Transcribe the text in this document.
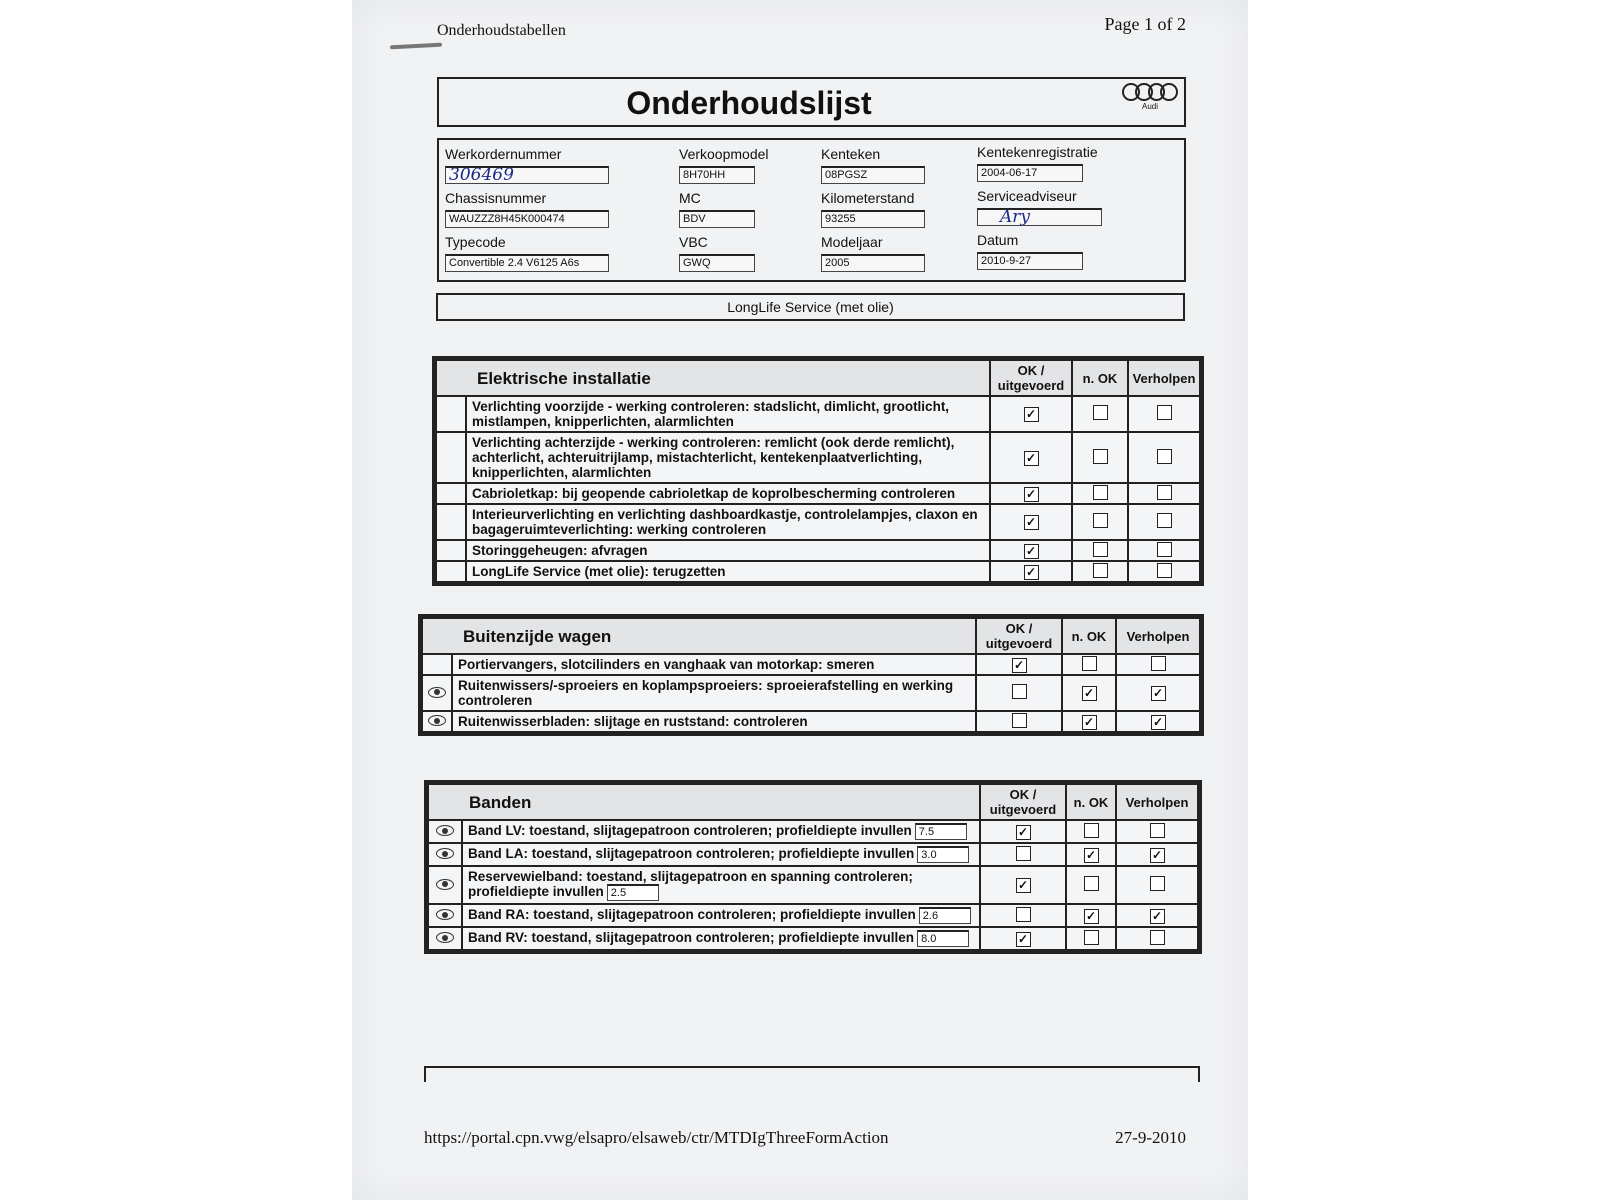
Onderhoudstabellen	Page 1 of 2
Onderhoudslijst	Audi
Werkordernummer
306469
Verkoopmodel
8H70HH
Kenteken
08PGSZ
Kentekenregistratie
2004-06-17
Chassisnummer
WAUZZZ8H45K000474
MC
BDV
Kilometerstand
93255
Serviceadviseur
Ary
Typecode
Convertible 2.4 V6125 A6s
VBC
GWQ
Modeljaar
2005
Datum
2010-9-27
LongLife Service (met olie)
Elektrische installatie		OK / uitgevoerd	n. OK	Verholpen
	Verlichting voorzijde - werking controleren: stadslicht, dimlicht, grootlicht, mistlampen, knipperlichten, alarmlichten	✓		
	Verlichting achterzijde - werking controleren: remlicht (ook derde remlicht), achterlicht, achteruitrijlamp, mistachterlicht, kentekenplaatverlichting, knipperlichten, alarmlichten	✓		
	Cabrioletkap: bij geopende cabrioletkap de koprolbescherming controleren	✓		
	Interieurverlichting en verlichting dashboardkastje, controlelampjes, claxon en bagageruimteverlichting: werking controleren	✓		
	Storinggeheugen: afvragen	✓		
	LongLife Service (met olie): terugzetten	✓		
Buitenzijde wagen		OK / uitgevoerd	n. OK	Verholpen
	Portiervangers, slotcilinders en vanghaak van motorkap: smeren	✓		
	Ruitenwissers/-sproeiers en koplampsproeiers: sproeierafstelling en werking controleren		✓	✓
	Ruitenwisserbladen: slijtage en ruststand: controleren		✓	✓
Banden		OK / uitgevoerd	n. OK	Verholpen
	Band LV: toestand, slijtagepatroon controleren; profieldiepte invullen 7.5	✓		
	Band LA: toestand, slijtagepatroon controleren; profieldiepte invullen 3.0		✓	✓
	Reservewielband: toestand, slijtagepatroon en spanning controleren; profieldiepte invullen 2.5	✓		
	Band RA: toestand, slijtagepatroon controleren; profieldiepte invullen 2.6		✓	✓
	Band RV: toestand, slijtagepatroon controleren; profieldiepte invullen 8.0	✓		
https://portal.cpn.vwg/elsapro/elsaweb/ctr/MTDIgThreeFormAction	27-9-2010
